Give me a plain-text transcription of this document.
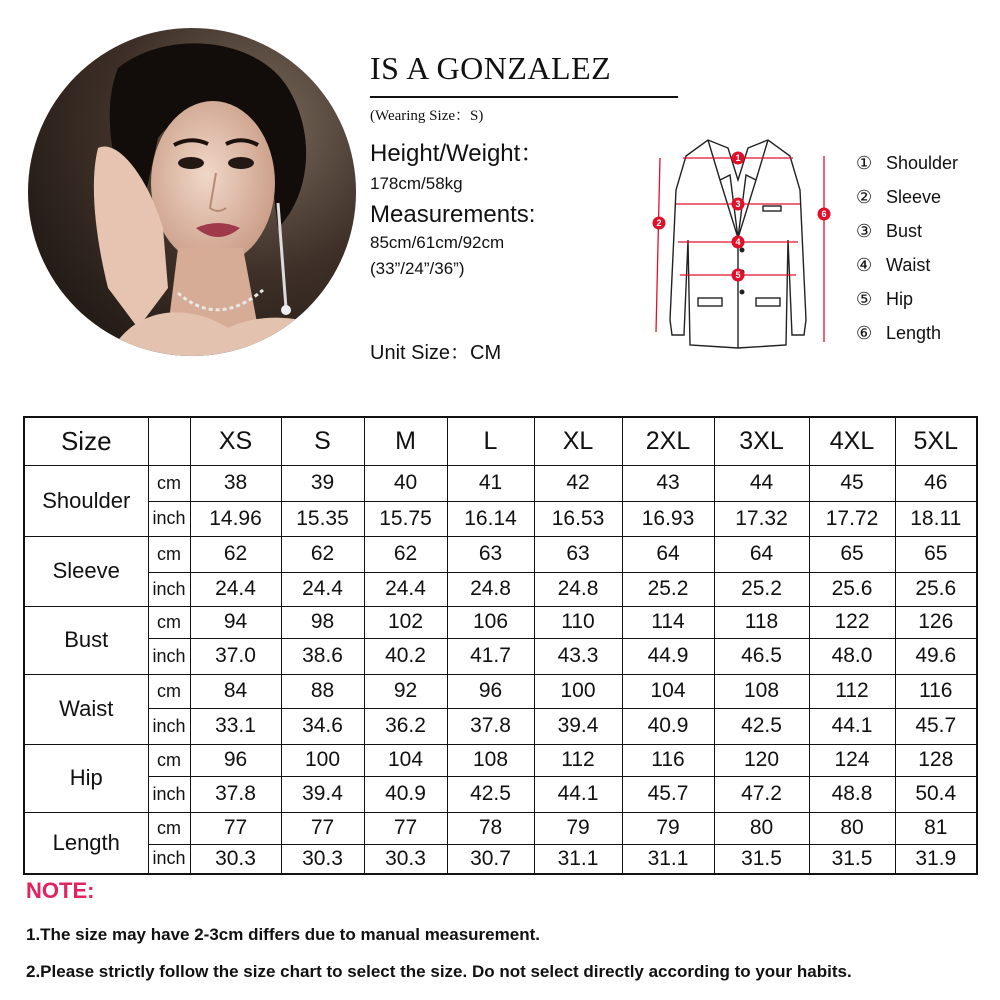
IS A GONZALEZ
(Wearing Size：S)
Height/Weight：
178cm/58kg
Measurements:
85cm/61cm/92cm
(33”/24”/36”)
Unit Size：CM
1
3
4
5
2
6
① Shoulder
② Sleeve
③ Bust
④ Waist
⑤ Hip
⑥ Length
Size		XS	S	M	L	XL	2XL	3XL	4XL	5XL
Shoulder	cm	38	39	40	41	42	43	44	45	46
	inch	14.96	15.35	15.75	16.14	16.53	16.93	17.32	17.72	18.11
Sleeve	cm	62	62	62	63	63	64	64	65	65
	inch	24.4	24.4	24.4	24.8	24.8	25.2	25.2	25.6	25.6
Bust	cm	94	98	102	106	110	114	118	122	126
	inch	37.0	38.6	40.2	41.7	43.3	44.9	46.5	48.0	49.6
Waist	cm	84	88	92	96	100	104	108	112	116
	inch	33.1	34.6	36.2	37.8	39.4	40.9	42.5	44.1	45.7
Hip	cm	96	100	104	108	112	116	120	124	128
	inch	37.8	39.4	40.9	42.5	44.1	45.7	47.2	48.8	50.4
Length	cm	77	77	77	78	79	79	80	80	81
	inch	30.3	30.3	30.3	30.7	31.1	31.1	31.5	31.5	31.9
NOTE:
1.The size may have 2-3cm differs due to manual measurement.
2.Please strictly follow the size chart to select the size. Do not select directly according to your habits.
